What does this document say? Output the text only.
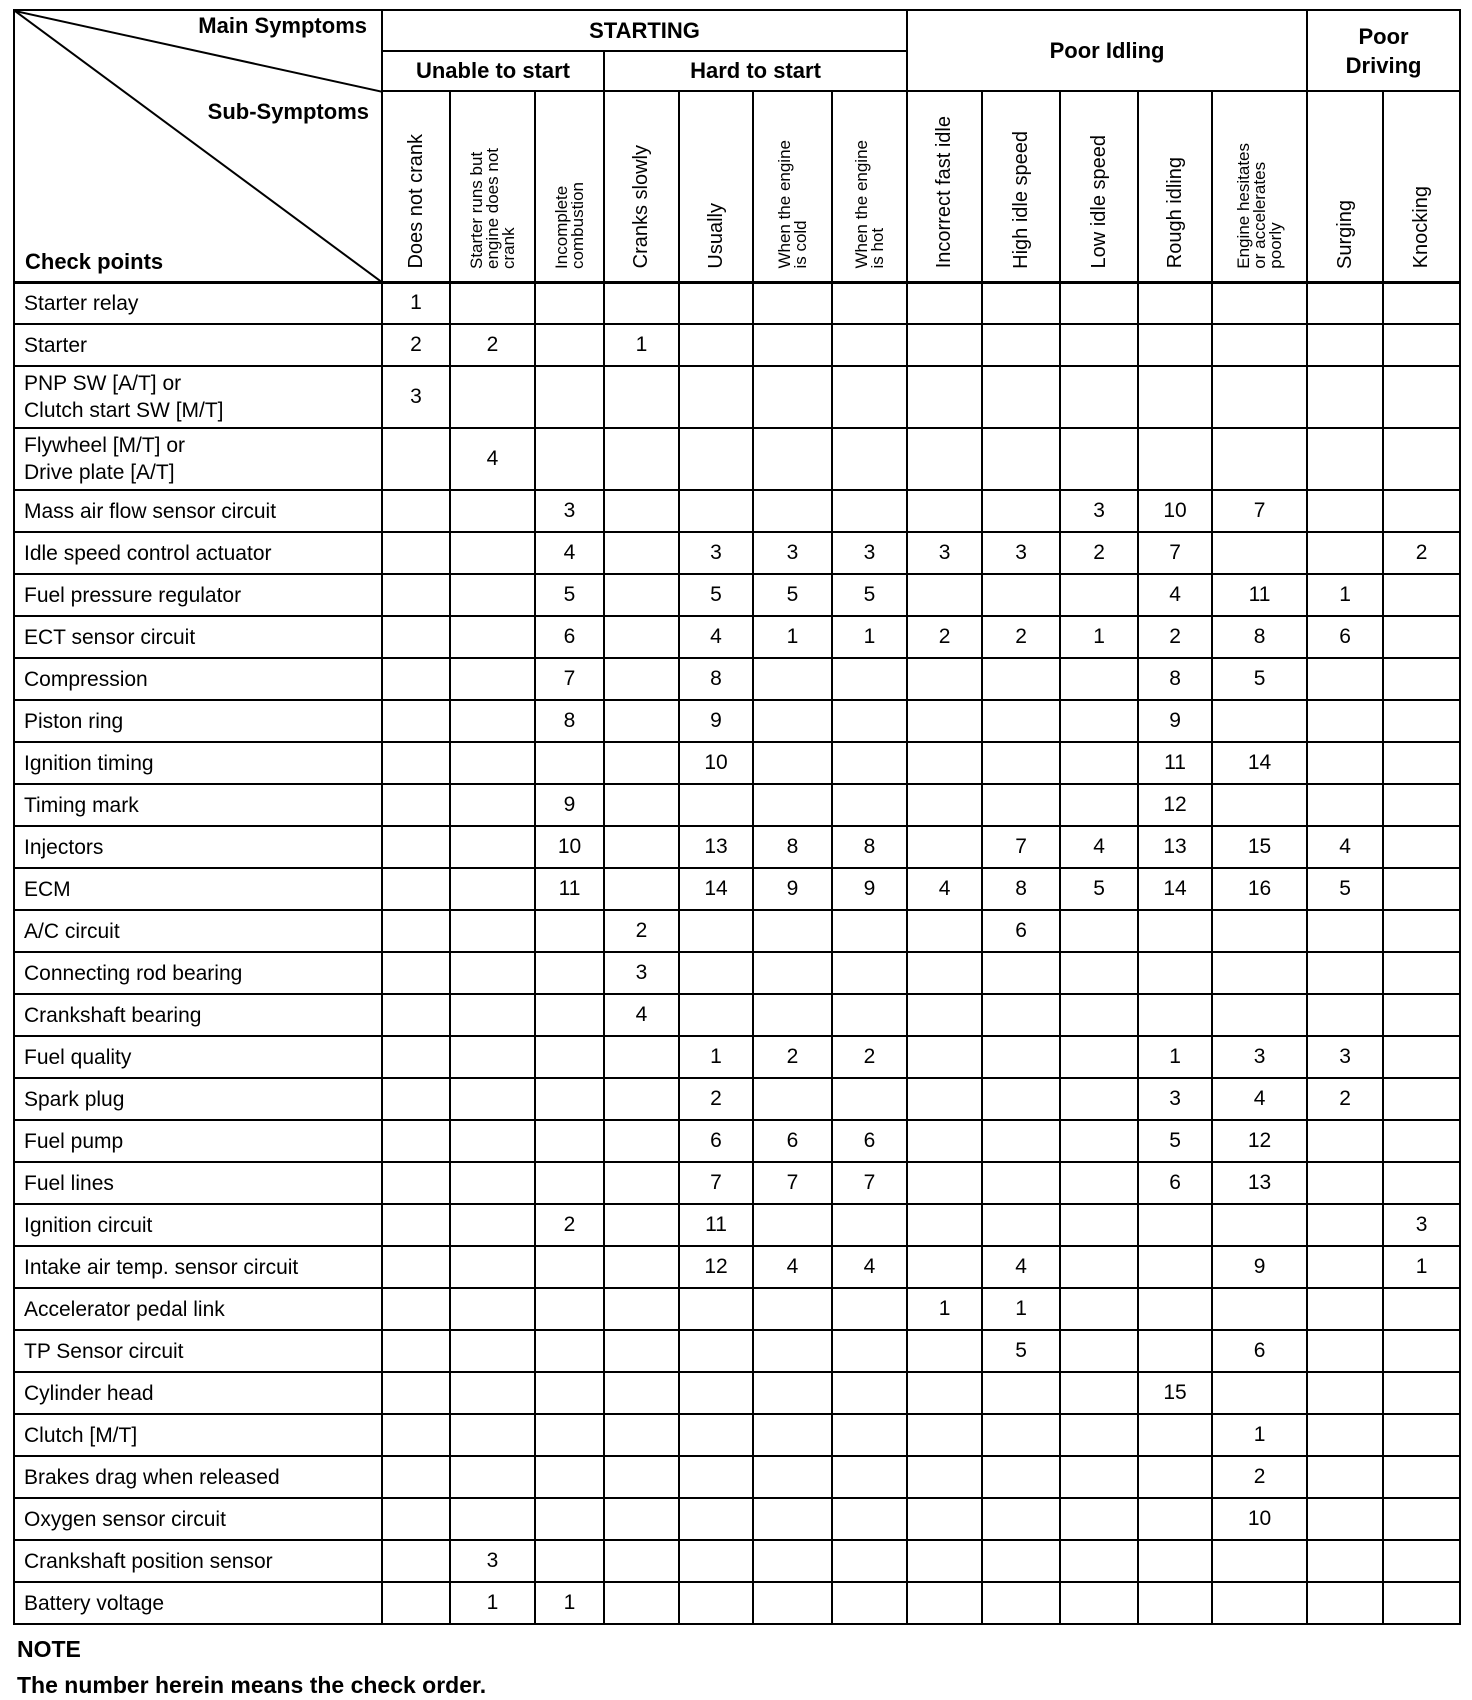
Main Symptoms
Sub-Symptoms
Check points	STARTING							Poor Idling					Poor Driving	
	Unable to start			Hard to start										
	Does not crank	Starter runs but
engine does not
crank	Incomplete
combustion	Cranks slowly	Usually	When the engine
is cold	When the engine
is hot	Incorrect fast idle	High idle speed	Low idle speed	Rough idling	Engine hesitates
or accelerates
poorly	Surging	Knocking
Starter relay	1													
Starter	2	2		1										
PNP SW [A/T] or
Clutch start SW [M/T]	3													
Flywheel [M/T] or
Drive plate [A/T]		4												
Mass air flow sensor circuit			3							3	10	7		
Idle speed control actuator			4		3	3	3	3	3	2	7			2
Fuel pressure regulator			5		5	5	5				4	11	1	
ECT sensor circuit			6		4	1	1	2	2	1	2	8	6	
Compression			7		8						8	5		
Piston ring			8		9						9			
Ignition timing					10						11	14		
Timing mark			9								12			
Injectors			10		13	8	8		7	4	13	15	4	
ECM			11		14	9	9	4	8	5	14	16	5	
A/C circuit				2					6					
Connecting rod bearing				3										
Crankshaft bearing				4										
Fuel quality					1	2	2				1	3	3	
Spark plug					2						3	4	2	
Fuel pump					6	6	6				5	12		
Fuel lines					7	7	7				6	13		
Ignition circuit			2		11									3
Intake air temp. sensor circuit					12	4	4		4			9		1
Accelerator pedal link								1	1					
TP Sensor circuit									5			6		
Cylinder head											15			
Clutch [M/T]												1		
Brakes drag when released												2		
Oxygen sensor circuit												10		
Crankshaft position sensor		3												
Battery voltage		1	1											
NOTE
The number herein means the check order.
